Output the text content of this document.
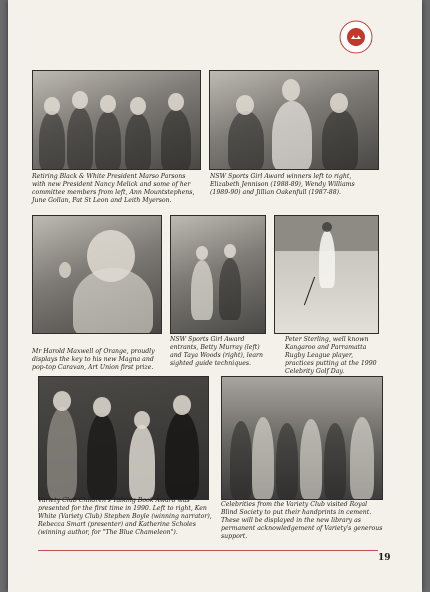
Retiring Black & White President Marso Parsons with new President Nancy Melick and some of her committee members from left, Ann Mountstephens, June Gollan, Pat St Leon and Leith Myerson.
NSW Sports Girl Award winners left to right, Elizabeth Jennison (1988-89), Wendy Williams (1989-90) and Jillian Oakenfull (1987-88).
Mr Harold Maxwell of Orange, proudly displays the key to his new Magna and pop-top Caravan, Art Union first prize.
NSW Sports Girl Award entrants, Betty Murray (left) and Taya Woods (right), learn sighted guide techniques.
Peter Sterling, well known Kangaroo and Parramatta Rugby League player, practices putting at the 1990 Celebrity Golf Day.
Variety Club Children's Talking Book Award was presented for the first time in 1990. Left to right, Ken White (Variety Club) Stephen Boyle (winning narrator), Rebecca Smart (presenter) and Katherine Scholes (winning author, for "The Blue Chameleon").
Celebrities from the Variety Club visited Royal Blind Society to put their handprints in cement. These will be displayed in the new library as permanent acknowledgement of Variety's generous support.
19
